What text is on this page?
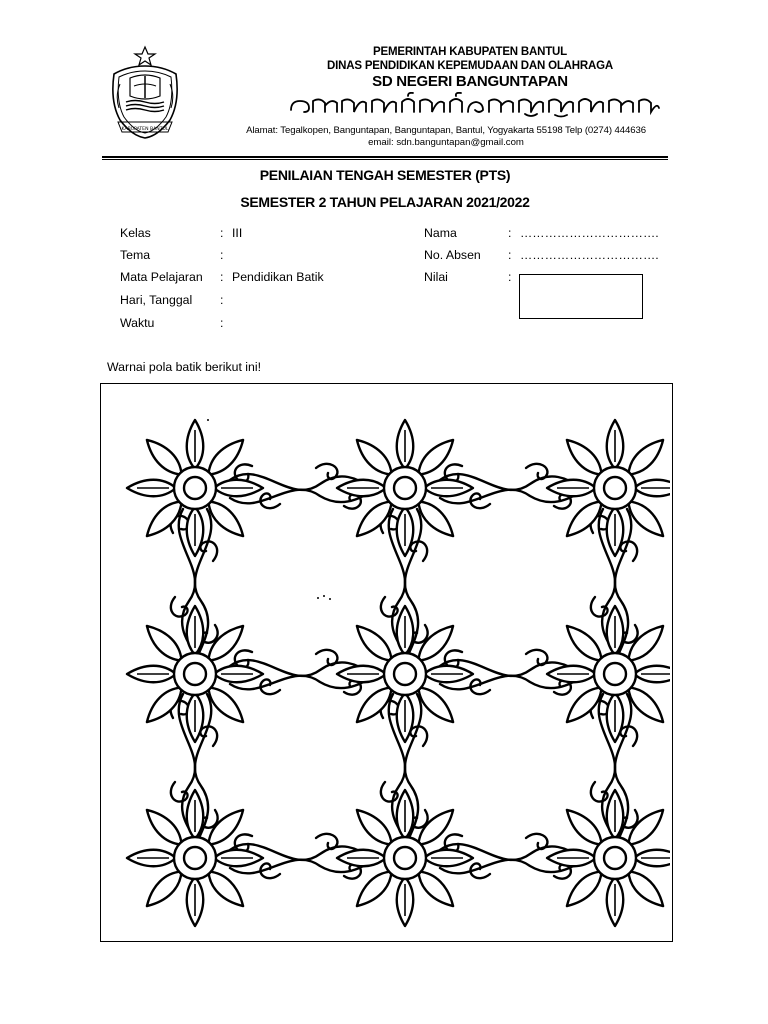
KABUPATEN BANTUL
PEMERINTAH KABUPATEN BANTUL
DINAS PENDIDIKAN KEPEMUDAAN DAN OLAHRAGA
SD NEGERI BANGUNTAPAN
Alamat: Tegalkopen, Banguntapan, Banguntapan, Bantul, Yogyakarta 55198 Telp (0274) 444636
email: sdn.banguntapan@gmail.com
PENILAIAN TENGAH SEMESTER (PTS)
SEMESTER 2 TAHUN PELAJARAN 2021/2022
Kelas	: III
Tema	:
Mata Pelajaran : Pendidikan Batik
Hari, Tanggal :
Waktu	:
Nama	: …………………………….
No. Absen : …………………………….
Nilai	:
Warnai pola batik berikut ini!
